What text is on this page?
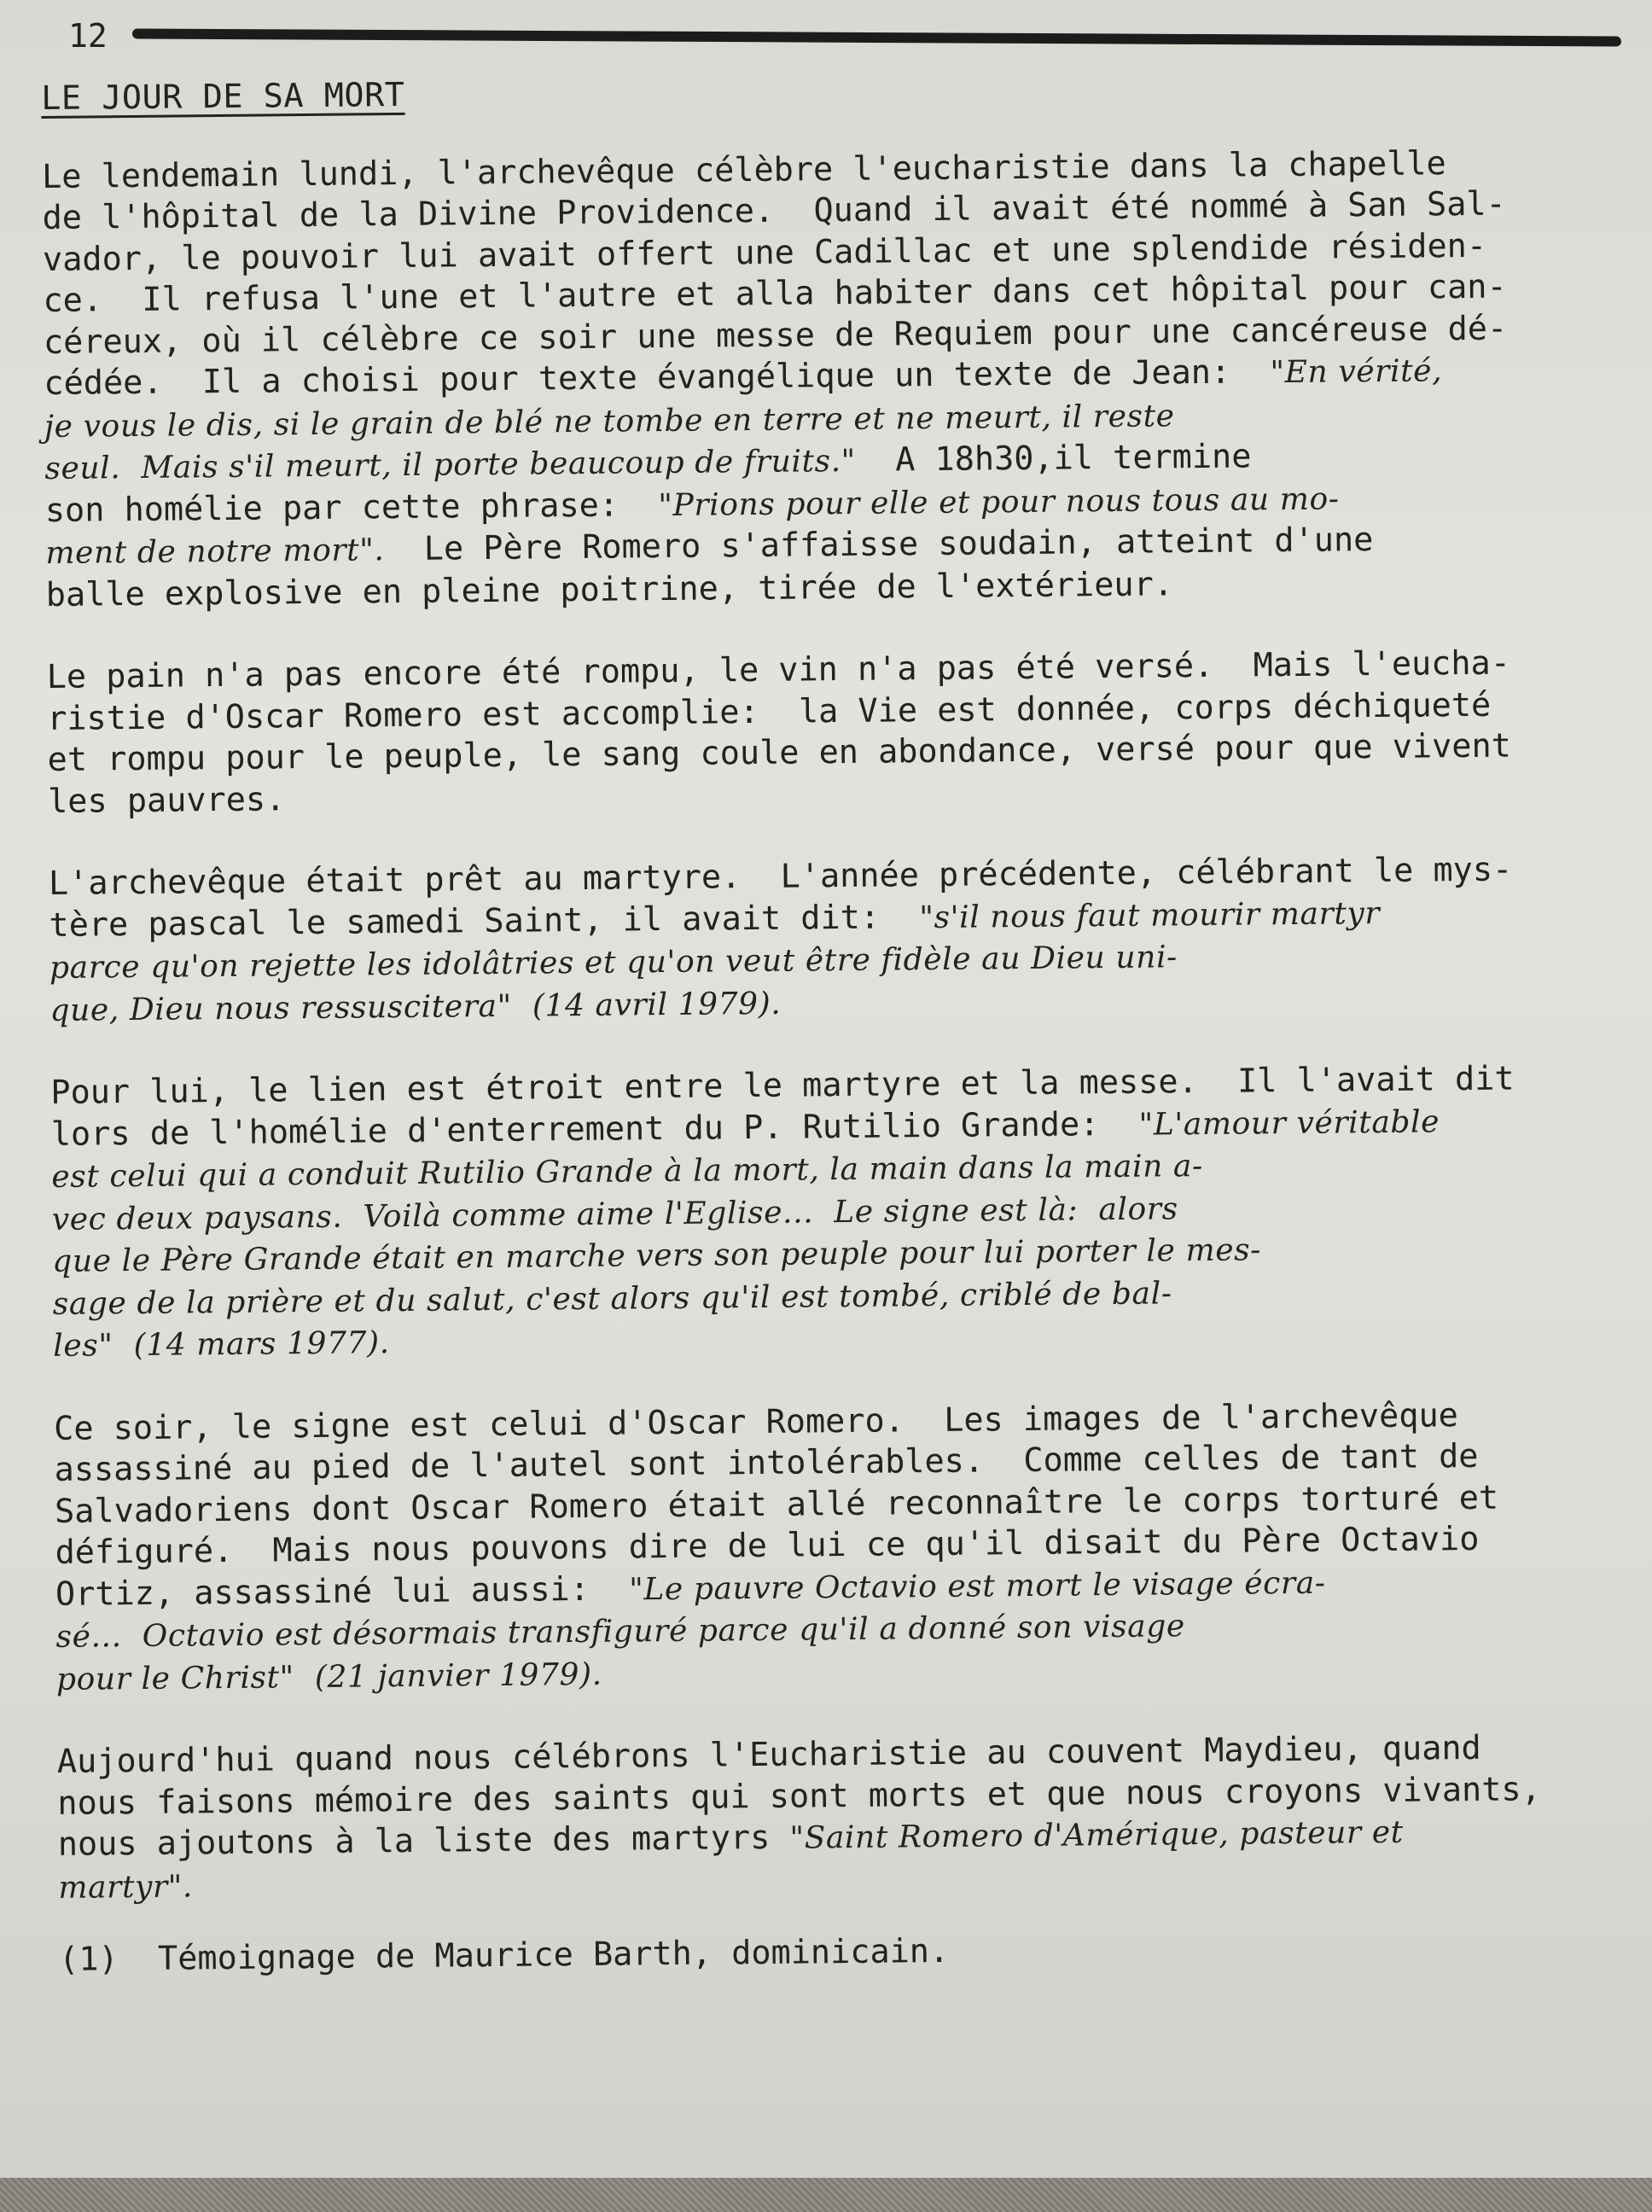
12
LE JOUR DE SA MORT

Le lendemain lundi, l'archevêque célèbre l'eucharistie dans la chapelle
de l'hôpital de la Divine Providence.  Quand il avait été nommé à San Sal-
vador, le pouvoir lui avait offert une Cadillac et une splendide résiden-
ce.  Il refusa l'une et l'autre et alla habiter dans cet hôpital pour can-
céreux, où il célèbre ce soir une messe de Requiem pour une cancéreuse dé-
cédée.  Il a choisi pour texte évangélique un texte de Jean:  "En vérité,
je vous le dis, si le grain de blé ne tombe en terre et ne meurt, il reste
seul.  Mais s'il meurt, il porte beaucoup de fruits."  A 18h30,il termine
son homélie par cette phrase:  "Prions pour elle et pour nous tous au mo-
ment de notre mort".  Le Père Romero s'affaisse soudain, atteint d'une
balle explosive en pleine poitrine, tirée de l'extérieur.

Le pain n'a pas encore été rompu, le vin n'a pas été versé.  Mais l'eucha-
ristie d'Oscar Romero est accomplie:  la Vie est donnée, corps déchiqueté
et rompu pour le peuple, le sang coule en abondance, versé pour que vivent
les pauvres.

L'archevêque était prêt au martyre.  L'année précédente, célébrant le mys-
tère pascal le samedi Saint, il avait dit:  "s'il nous faut mourir martyr
parce qu'on rejette les idolâtries et qu'on veut être fidèle au Dieu uni-
que, Dieu nous ressuscitera"  (14 avril 1979).

Pour lui, le lien est étroit entre le martyre et la messe.  Il l'avait dit
lors de l'homélie d'enterrement du P. Rutilio Grande:  "L'amour véritable
est celui qui a conduit Rutilio Grande à la mort, la main dans la main a-
vec deux paysans.  Voilà comme aime l'Eglise...  Le signe est là:  alors
que le Père Grande était en marche vers son peuple pour lui porter le mes-
sage de la prière et du salut, c'est alors qu'il est tombé, criblé de bal-
les"  (14 mars 1977).

Ce soir, le signe est celui d'Oscar Romero.  Les images de l'archevêque
assassiné au pied de l'autel sont intolérables.  Comme celles de tant de
Salvadoriens dont Oscar Romero était allé reconnaître le corps torturé et
défiguré.  Mais nous pouvons dire de lui ce qu'il disait du Père Octavio
Ortiz, assassiné lui aussi:  "Le pauvre Octavio est mort le visage écra-
sé...  Octavio est désormais transfiguré parce qu'il a donné son visage
pour le Christ"  (21 janvier 1979).

Aujourd'hui quand nous célébrons l'Eucharistie au couvent Maydieu, quand
nous faisons mémoire des saints qui sont morts et que nous croyons vivants,
nous ajoutons à la liste des martyrs "Saint Romero d'Amérique, pasteur et
martyr".

(1)  Témoignage de Maurice Barth, dominicain.
